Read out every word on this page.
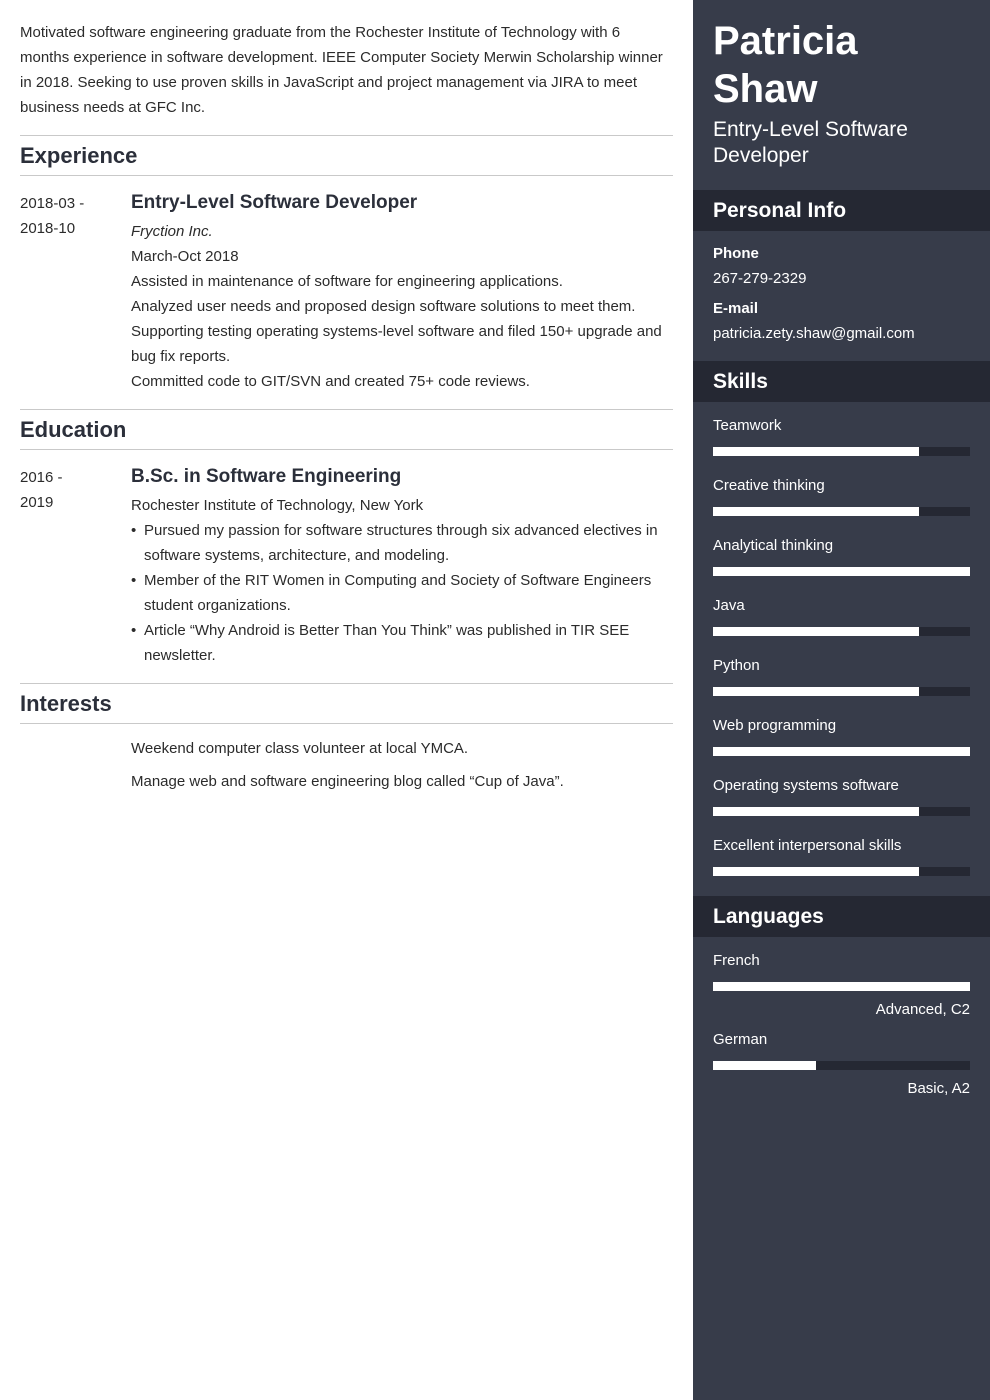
Motivated software engineering graduate from the Rochester Institute of Technology with 6 months experience in software development. IEEE Computer Society Merwin Scholarship winner in 2018. Seeking to use proven skills in JavaScript and project management via JIRA to meet business needs at GFC Inc.

Experience
2018-03 -
2018-10
Entry-Level Software Developer
Fryction Inc.
March-Oct 2018
Assisted in maintenance of software for engineering applications.
Analyzed user needs and proposed design software solutions to meet them.
Supporting testing operating systems-level software and filed 150+ upgrade and bug fix reports.
Committed code to GIT/SVN and created 75+ code reviews.
Education
2016 -
2019
B.Sc. in Software Engineering
Rochester Institute of Technology, New York
• Pursued my passion for software structures through six advanced electives in software systems, architecture, and modeling.
• Member of the RIT Women in Computing and Society of Software Engineers student organizations.
• Article “Why Android is Better Than You Think” was published in TIR SEE newsletter.
Interests
Weekend computer class volunteer at local YMCA.
Manage web and software engineering blog called “Cup of Java”.
Patricia
Shaw
Entry-Level Software Developer
Personal Info
Phone
267-279-2329
E-mail
patricia.zety.shaw@gmail.com
Skills
Teamwork
Creative thinking
Analytical thinking
Java
Python
Web programming
Operating systems software
Excellent interpersonal skills
Languages
French
Advanced, C2
German
Basic, A2
